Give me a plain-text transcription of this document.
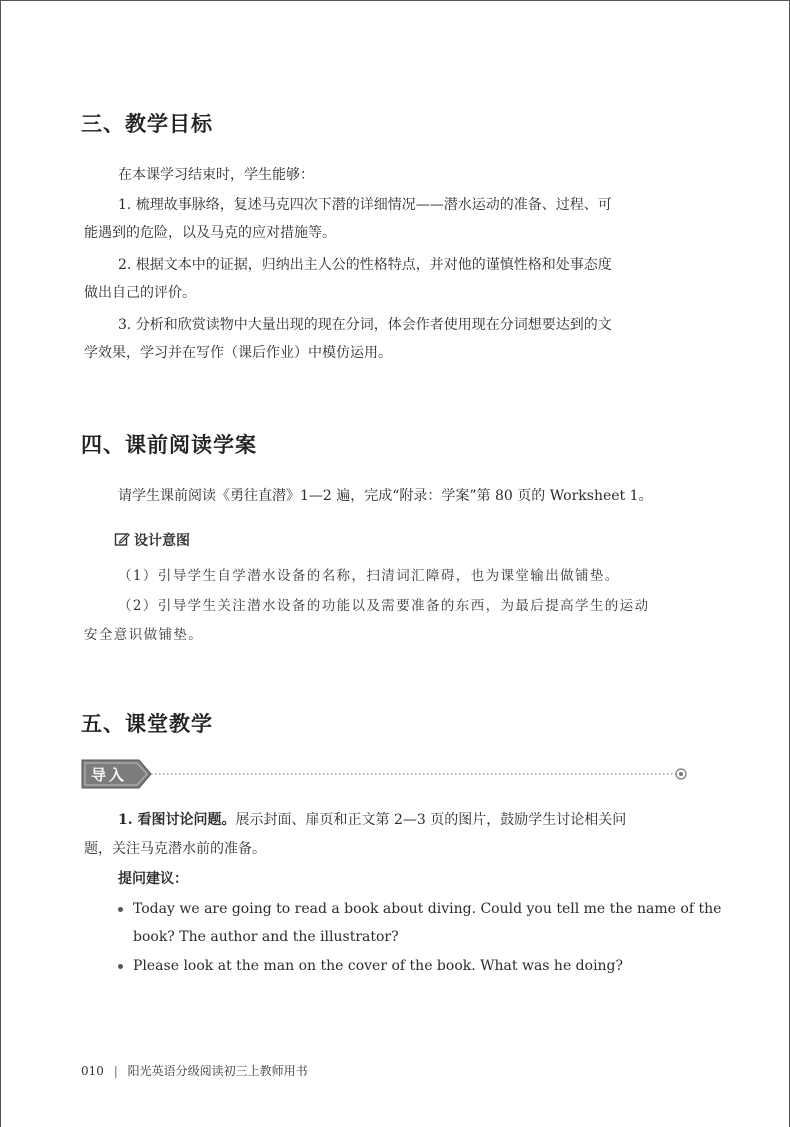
三、教学目标
在本课学习结束时，学生能够：
1. 梳理故事脉络，复述马克四次下潜的详细情况——潜水运动的准备、过程、可
能遇到的危险，以及马克的应对措施等。
2. 根据文本中的证据，归纳出主人公的性格特点，并对他的谨慎性格和处事态度
做出自己的评价。
3. 分析和欣赏读物中大量出现的现在分词，体会作者使用现在分词想要达到的文
学效果，学习并在写作（课后作业）中模仿运用。
四、课前阅读学案
请学生课前阅读《勇往直潜》1—2 遍，完成“附录：学案”第 80 页的 Worksheet 1。
设计意图
（1）引导学生自学潜水设备的名称，扫清词汇障碍，也为课堂输出做铺垫。
（2）引导学生关注潜水设备的功能以及需要准备的东西，为最后提高学生的运动
安全意识做铺垫。
五、课堂教学
导入
1. 看图讨论问题。展示封面、扉页和正文第 2—3 页的图片，鼓励学生讨论相关问
题，关注马克潜水前的准备。
提问建议：
Today we are going to read a book about diving. Could you tell me the name of the
book? The author and the illustrator?
Please look at the man on the cover of the book. What was he doing?
010 | 阳光英语分级阅读初三上教师用书
